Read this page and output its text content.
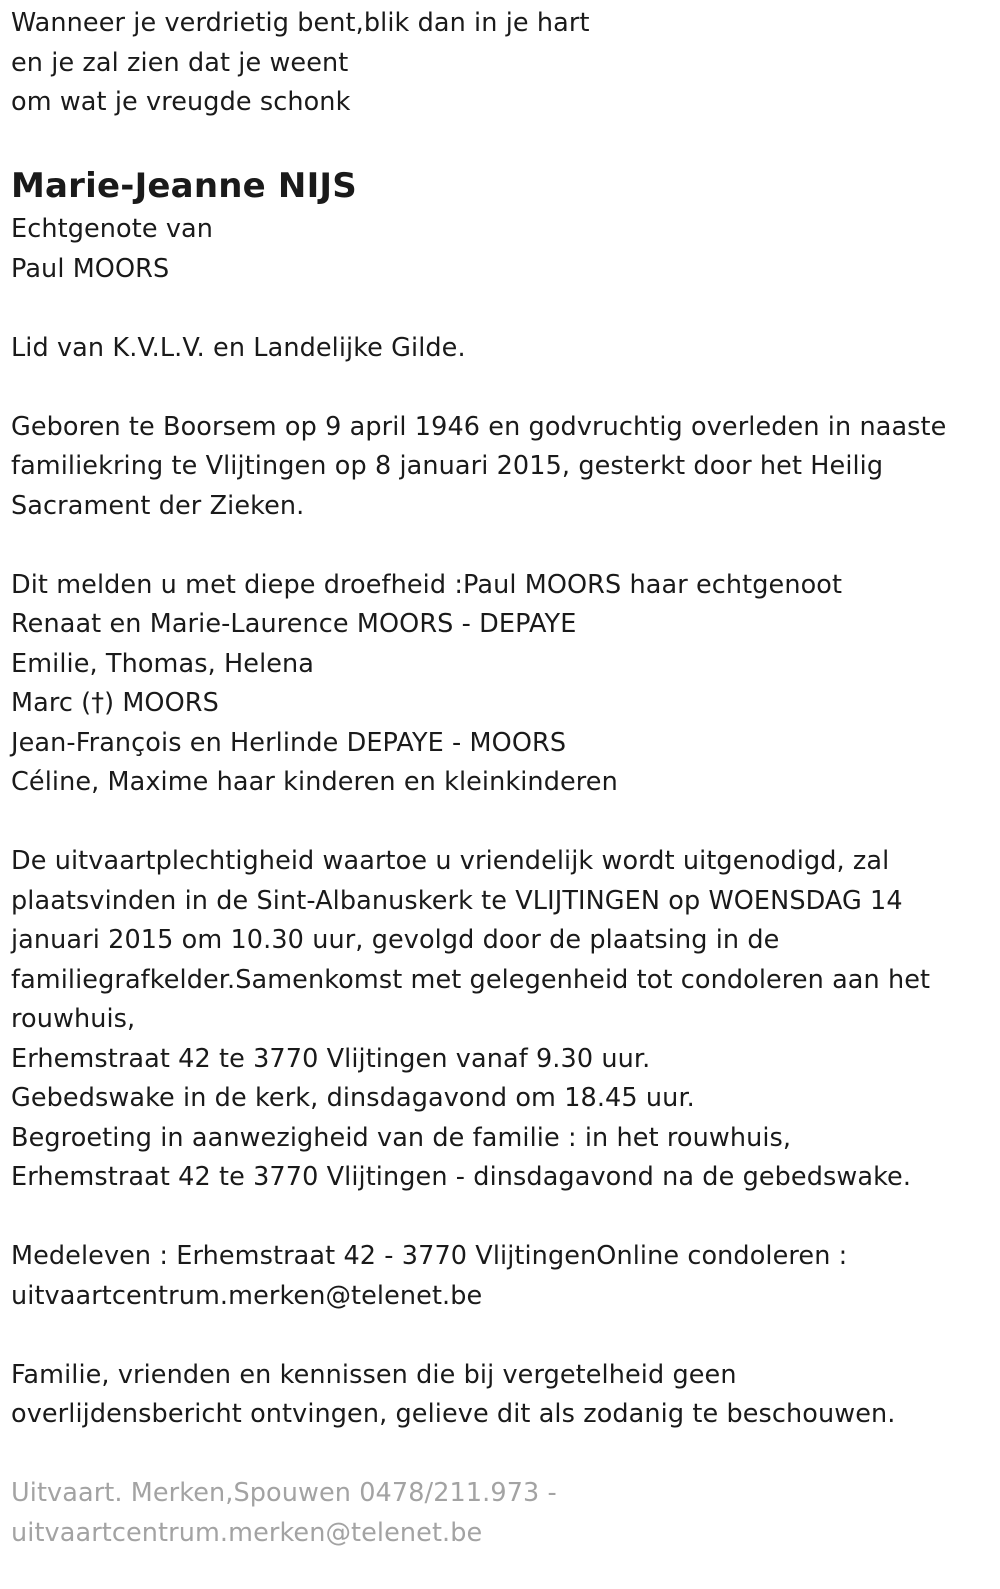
Wanneer je verdrietig bent,blik dan in je hart
en je zal zien dat je weent
om wat je vreugde schonk
Marie-Jeanne NIJS
Echtgenote van
Paul MOORS
Lid van K.V.L.V. en Landelijke Gilde.
Geboren te Boorsem op 9 april 1946 en godvruchtig overleden in naaste
familiekring te Vlijtingen op 8 januari 2015, gesterkt door het Heilig
Sacrament der Zieken.
Dit melden u met diepe droefheid :Paul MOORS haar echtgenoot
Renaat en Marie-Laurence MOORS - DEPAYE
Emilie, Thomas, Helena
Marc (†) MOORS
Jean-François en Herlinde DEPAYE - MOORS
Céline, Maxime haar kinderen en kleinkinderen
De uitvaartplechtigheid waartoe u vriendelijk wordt uitgenodigd, zal
plaatsvinden in de Sint-Albanuskerk te VLIJTINGEN op WOENSDAG 14
januari 2015 om 10.30 uur, gevolgd door de plaatsing in de
familiegrafkelder.Samenkomst met gelegenheid tot condoleren aan het
rouwhuis,
Erhemstraat 42 te 3770 Vlijtingen vanaf 9.30 uur.
Gebedswake in de kerk, dinsdagavond om 18.45 uur.
Begroeting in aanwezigheid van de familie : in het rouwhuis,
Erhemstraat 42 te 3770 Vlijtingen - dinsdagavond na de gebedswake.
Medeleven : Erhemstraat 42 - 3770 VlijtingenOnline condoleren :
uitvaartcentrum.merken@telenet.be
Familie, vrienden en kennissen die bij vergetelheid geen
overlijdensbericht ontvingen, gelieve dit als zodanig te beschouwen.
Uitvaart. Merken,Spouwen 0478/211.973 -
uitvaartcentrum.merken@telenet.be
